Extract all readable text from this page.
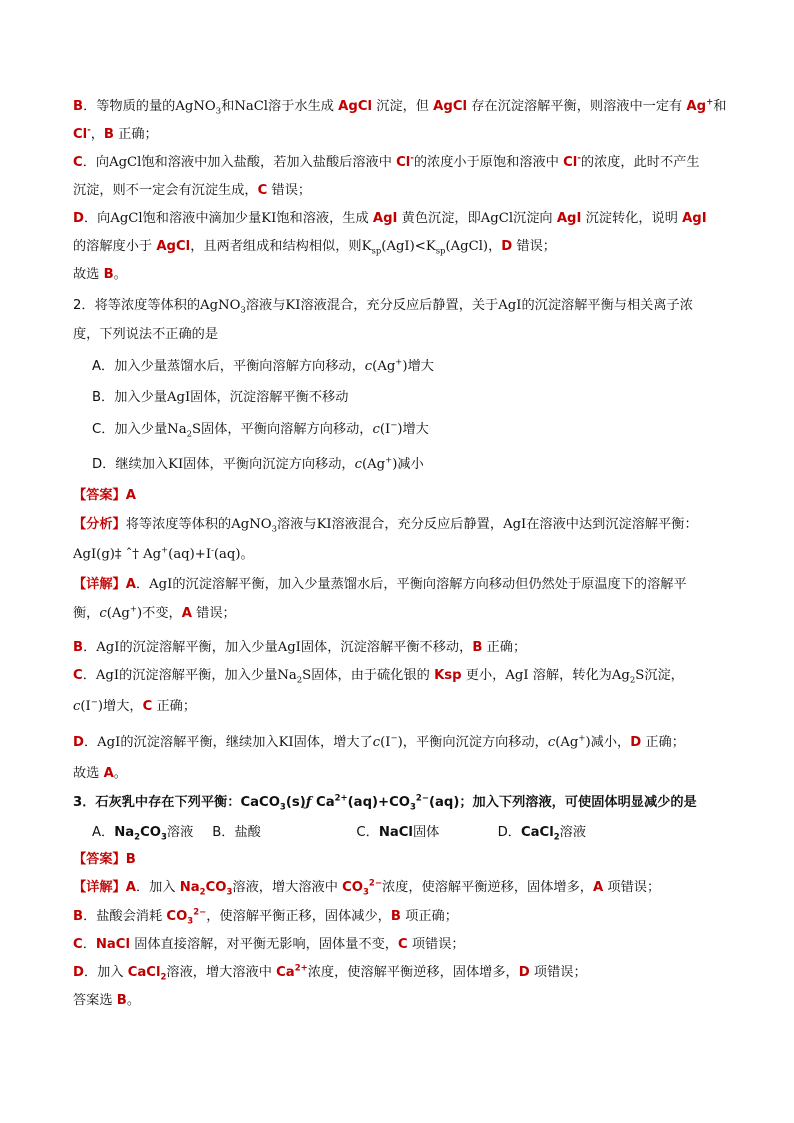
B．等物质的量的AgNO$_3$和NaCl溶于水生成 AgCl 沉淀，但 AgCl 存在沉淀溶解平衡，则溶液中一定有 Ag+和
Cl-，B 正确；
C．向AgCl饱和溶液中加入盐酸，若加入盐酸后溶液中 Cl-的浓度小于原饱和溶液中 Cl-的浓度，此时不产生
沉淀，则不一定会有沉淀生成，C 错误；
D．向AgCl饱和溶液中滴加少量KI饱和溶液，生成 AgI 黄色沉淀，即AgCl沉淀向 AgI 沉淀转化，说明 AgI
的溶解度小于 AgCl，且两者组成和结构相似，则$K_{sp}(AgI)<K_{sp}(AgCl)$，D 错误；
故选 B。
2．将等浓度等体积的AgNO$_3$溶液与KI溶液混合，充分反应后静置，关于AgI的沉淀溶解平衡与相关离子浓
度，下列说法不正确的是
A．加入少量蒸馏水后，平衡向溶解方向移动，c(Ag+)增大
B．加入少量AgI固体，沉淀溶解平衡不移动
C．加入少量$Na_2S$固体，平衡向溶解方向移动，c(I−)增大
D．继续加入KI固体，平衡向沉淀方向移动，c(Ag+)减小
【答案】A
【分析】将等浓度等体积的AgNO$_3$溶液与KI溶液混合，充分反应后静置，AgI在溶液中达到沉淀溶解平衡：
AgI(g)‡ ˆ† Ag+(aq)+I-(aq)。
【详解】A．AgI的沉淀溶解平衡，加入少量蒸馏水后，平衡向溶解方向移动但仍然处于原温度下的溶解平
衡，c(Ag+)不变，A 错误；
B．AgI的沉淀溶解平衡，加入少量AgI固体，沉淀溶解平衡不移动，B 正确；
C．AgI的沉淀溶解平衡，加入少量$Na_2S$固体，由于硫化银的 Ksp 更小，AgI 溶解，转化为$Ag_2S$沉淀，
c(I−)增大，C 正确；
D．AgI的沉淀溶解平衡，继续加入KI固体，增大了c(I−)，平衡向沉淀方向移动，c(Ag+)减小，D 正确；
故选 A。
3．石灰乳中存在下列平衡：CaCO$_3$(s)ƒ $Ca^{2+}(aq)+CO_3^{2-}(aq)$；加入下列溶液，可使固体明显减少的是
A．$Na_2CO_3$溶液 B．盐酸	C．NaCl固体	D．CaCl$_2$溶液
【答案】B
【详解】A．加入 $Na_2CO_3$溶液，增大溶液中 $CO_3^{2-}$浓度，使溶解平衡逆移，固体增多，A 项错误；
B．盐酸会消耗 $CO_3^{2-}$，使溶解平衡正移，固体减少，B 项正确；
C．NaCl 固体直接溶解，对平衡无影响，固体量不变，C 项错误；
D．加入 CaCl$_2$溶液，增大溶液中 $Ca^{2+}$浓度，使溶解平衡逆移，固体增多，D 项错误；
答案选 B。
